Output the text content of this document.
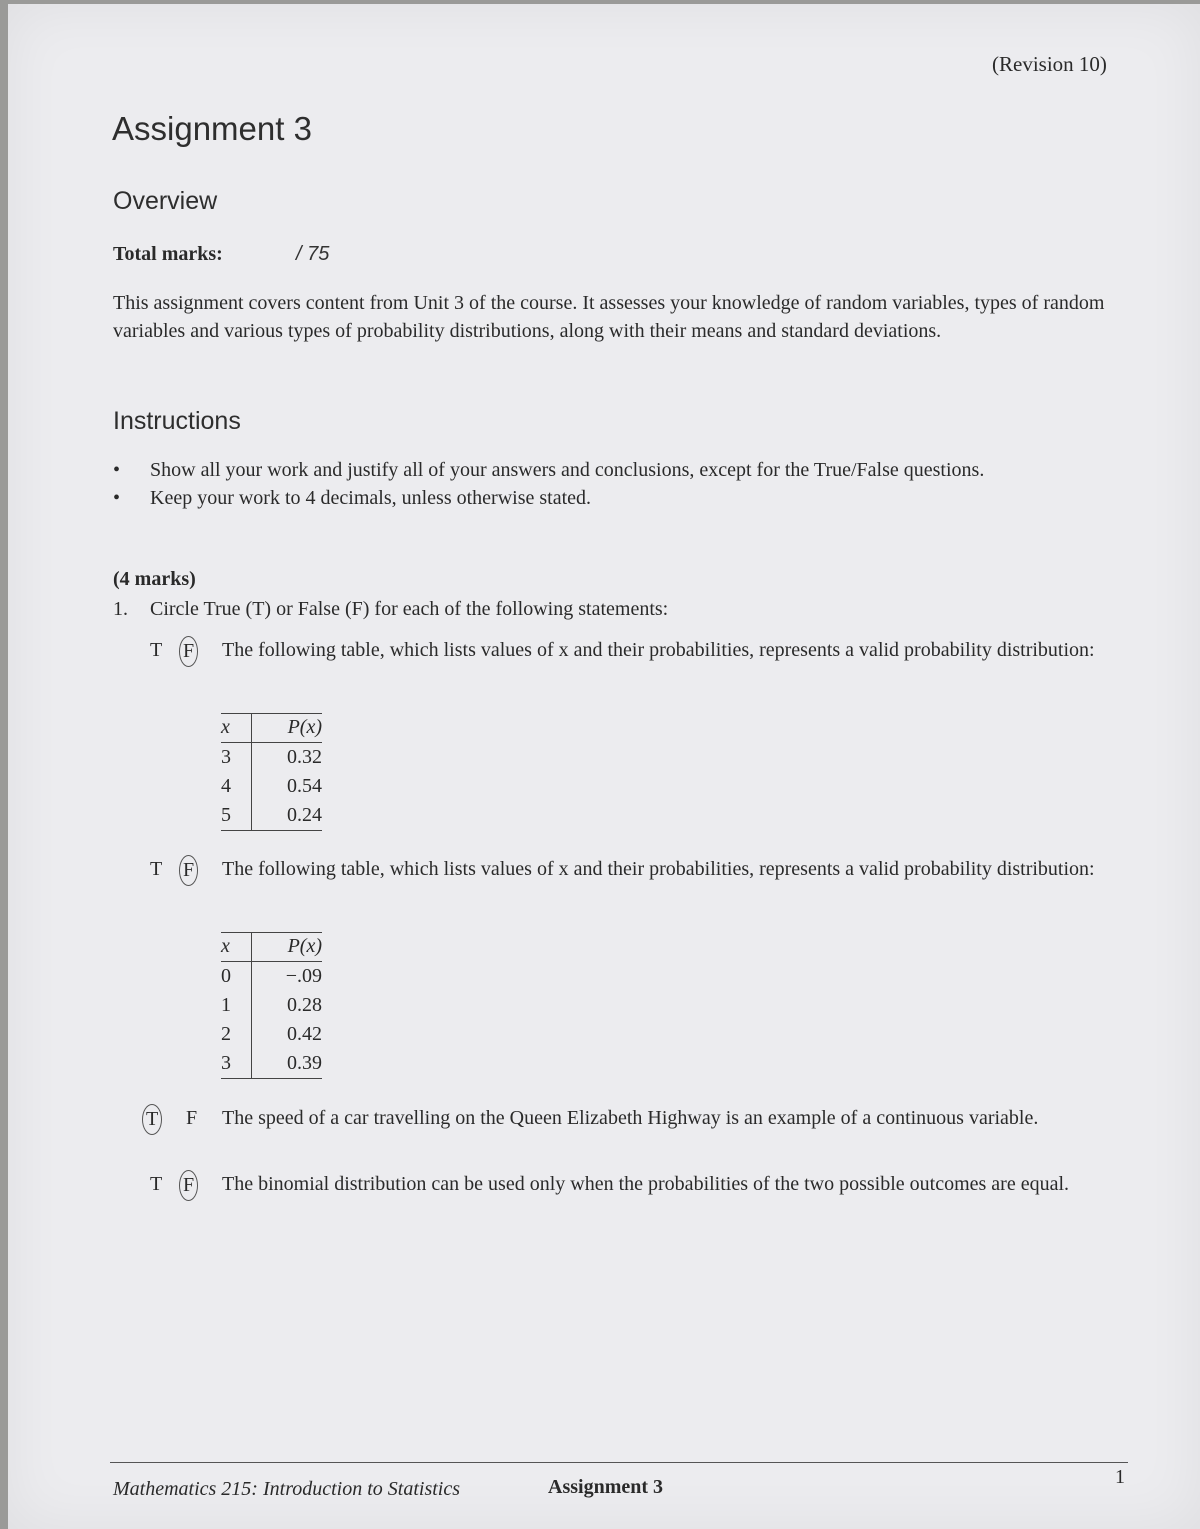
(Revision 10)
Assignment 3
Overview
Total marks:	/ 75
This assignment covers content from Unit 3 of the course. It assesses your knowledge of random variables, types of random variables and various types of probability distributions, along with their means and standard deviations.
Instructions
• Show all your work and justify all of your answers and conclusions, except for the True/False questions.
• Keep your work to 4 decimals, unless otherwise stated.
(4 marks)
1. Circle True (T) or False (F) for each of the following statements:
T F The following table, which lists values of x and their probabilities, represents a valid probability distribution:
x	P(x)
3	0.32
4	0.54
5	0.24
T F The following table, which lists values of x and their probabilities, represents a valid probability distribution:
x	P(x)
0	−.09
1	0.28
2	0.42
3	0.39
T F The speed of a car travelling on the Queen Elizabeth Highway is an example of a continuous variable.
T F The binomial distribution can be used only when the probabilities of the two possible outcomes are equal.
Mathematics 215: Introduction to Statistics	Assignment 3	1
